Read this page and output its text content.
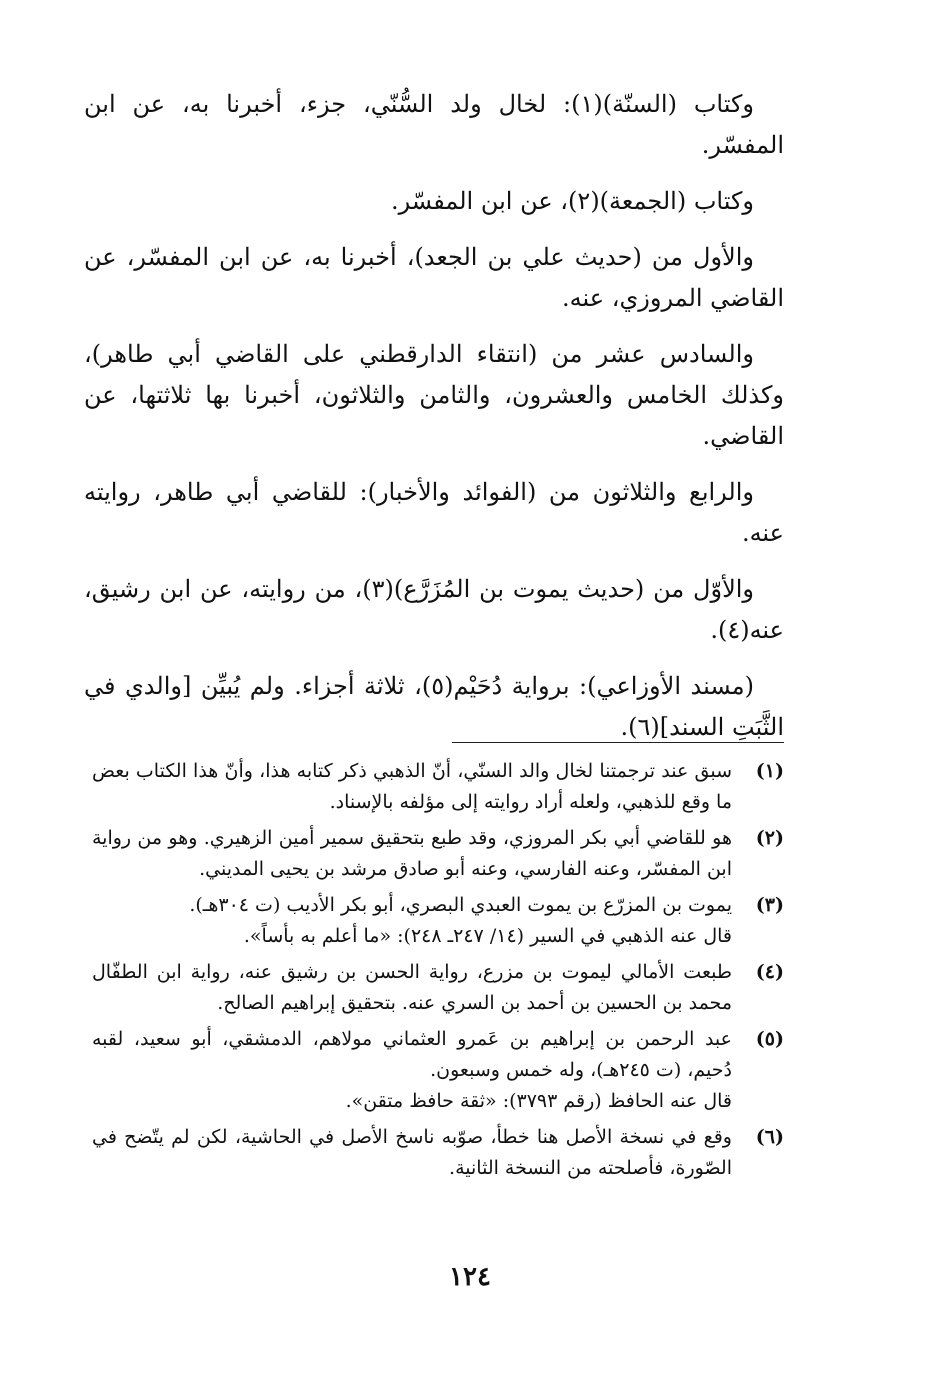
وكتاب (السنّة)(١): لخال ولد السُّنّي، جزء، أخبرنا به، عن ابن المفسّر.

وكتاب (الجمعة)(٢)، عن ابن المفسّر.

والأول من (حديث علي بن الجعد)، أخبرنا به، عن ابن المفسّر، عن القاضي المروزي، عنه.

والسادس عشر من (انتقاء الدارقطني على القاضي أبي طاهر)، وكذلك الخامس والعشرون، والثامن والثلاثون، أخبرنا بها ثلاثتها، عن القاضي.

والرابع والثلاثون من (الفوائد والأخبار): للقاضي أبي طاهر، روايته عنه.

والأوّل من (حديث يموت بن المُزَرَّع)(٣)، من روايته، عن ابن رشيق، عنه(٤).

(مسند الأوزاعي): برواية دُحَيْم(٥)، ثلاثة أجزاء. ولم يُبيِّن [والدي في الثَّبَتِ السند](٦).

(١)

سبق عند ترجمتنا لخال والد السنّي، أنّ الذهبي ذكر كتابه هذا، وأنّ هذا الكتاب بعض ما وقع للذهبي، ولعله أراد روايته إلى مؤلفه بالإسناد.

(٢)

هو للقاضي أبي بكر المروزي، وقد طبع بتحقيق سمير أمين الزهيري. وهو من رواية ابن المفسّر، وعنه الفارسي، وعنه أبو صادق مرشد بن يحيى المديني.

(٣)

يموت بن المزرّع بن يموت العبدي البصري، أبو بكر الأديب (ت ٣٠٤هـ).

قال عنه الذهبي في السير (١٤/ ٢٤٧ـ ٢٤٨): «ما أعلم به بأساً».

(٤)

طبعت الأمالي ليموت بن مزرع، رواية الحسن بن رشيق عنه، رواية ابن الطفّال محمد بن الحسين بن أحمد بن السري عنه. بتحقيق إبراهيم الصالح.

(٥)

عبد الرحمن بن إبراهيم بن عَمرو العثماني مولاهم، الدمشقي، أبو سعيد، لقبه دُحيم، (ت ٢٤٥هـ)، وله خمس وسبعون.

قال عنه الحافظ (رقم ٣٧٩٣): «ثقة حافظ متقن».

(٦)

وقع في نسخة الأصل هنا خطأ، صوّبه ناسخ الأصل في الحاشية، لكن لم يتّضح في الصّورة، فأصلحته من النسخة الثانية.

١٢٤
